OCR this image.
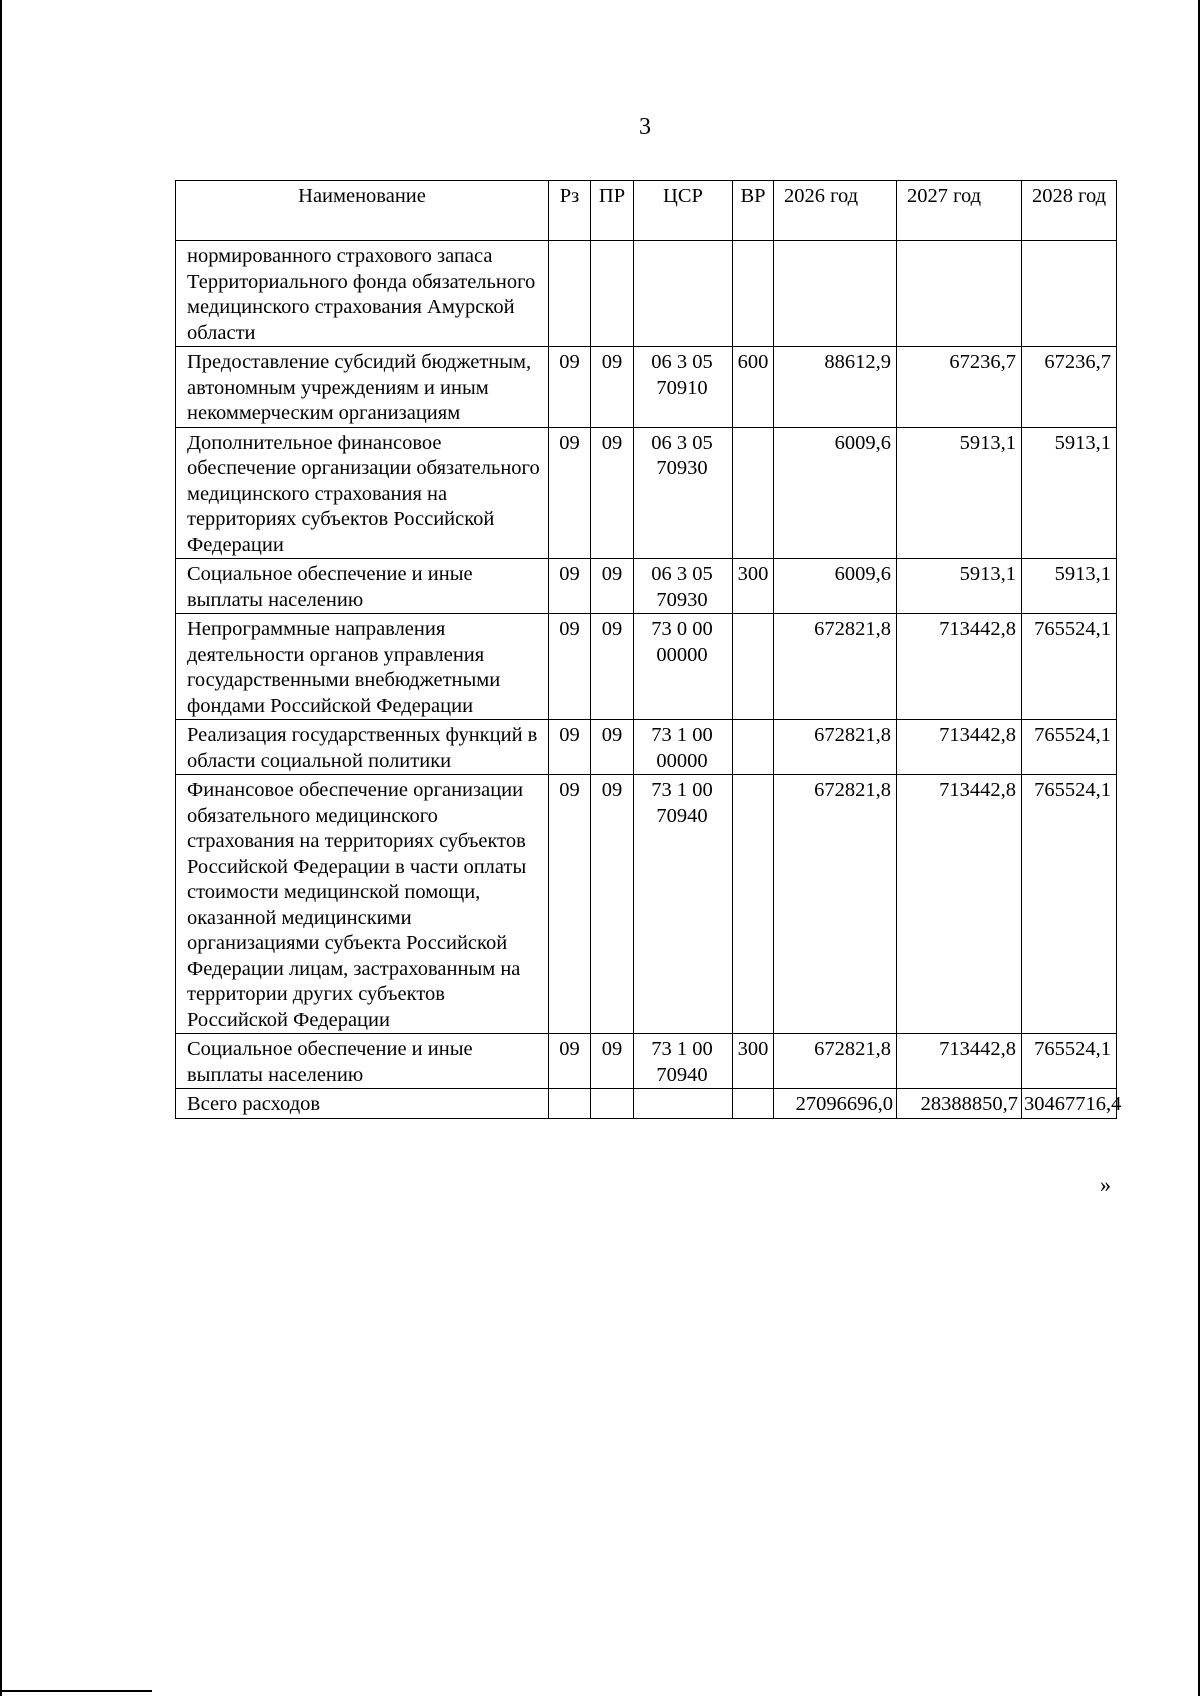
3
Наименование	Рз	ПР	ЦСР	ВР	2026 год	2027 год	2028 год
нормированного страхового запаса Территориального фонда обязательного медицинского страхования Амурской области							
Предоставление субсидий бюджетным, автономным учреждениям и иным некоммерческим организациям	09	09	06 3 05 70910	600	88612,9	67236,7	67236,7
Дополнительное финансовое обеспечение организации обязательного медицинского страхования на территориях субъектов Российской Федерации	09	09	06 3 05 70930		6009,6	5913,1	5913,1
Социальное обеспечение и иные выплаты населению	09	09	06 3 05 70930	300	6009,6	5913,1	5913,1
Непрограммные направления деятельности органов управления государственными внебюджетными фондами Российской Федерации	09	09	73 0 00 00000		672821,8	713442,8	765524,1
Реализация государственных функций в области социальной политики	09	09	73 1 00 00000		672821,8	713442,8	765524,1
Финансовое обеспечение организации обязательного медицинского страхования на территориях субъектов Российской Федерации в части оплаты стоимости медицинской помощи, оказанной медицинскими организациями субъекта Российской Федерации лицам, застрахованным на территории других субъектов Российской Федерации	09	09	73 1 00 70940		672821,8	713442,8	765524,1
Социальное обеспечение и иные выплаты населению	09	09	73 1 00 70940	300	672821,8	713442,8	765524,1
Всего расходов					27096696,0	28388850,7	30467716,4
»
